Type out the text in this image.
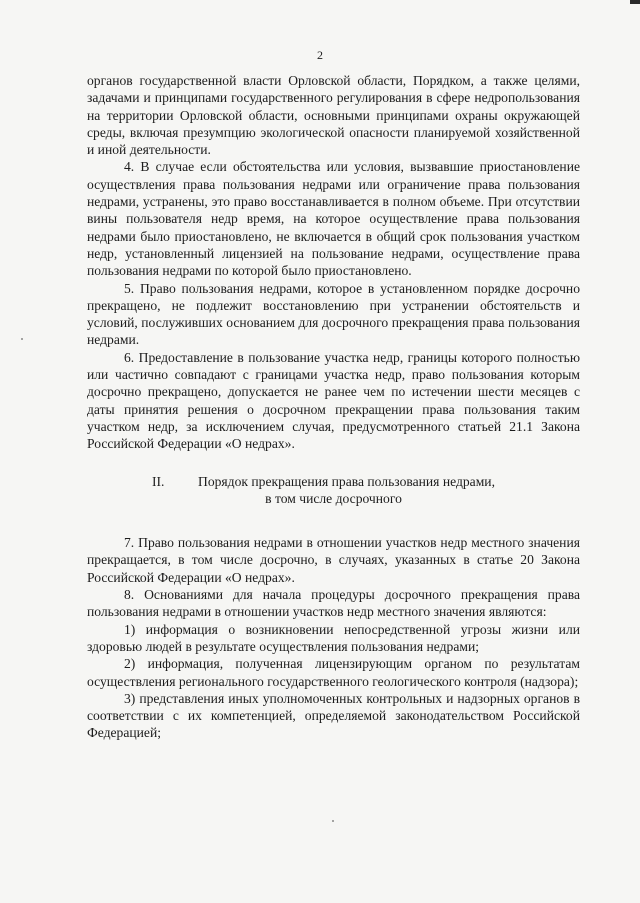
2

органов государственной власти Орловской области, Порядком, а также целями, задачами и принципами государственного регулирования в сфере недропользования на территории Орловской области, основными принципами охраны окружающей среды, включая презумпцию экологической опасности планируемой хозяйственной и иной деятельности.

4. В случае если обстоятельства или условия, вызвавшие приостановление осуществления права пользования недрами или ограничение права пользования недрами, устранены, это право восстанавливается в полном объеме. При отсутствии вины пользователя недр время, на которое осуществление права пользования недрами было приостановлено, не включается в общий срок пользования участком недр, установленный лицензией на пользование недрами, осуществление права пользования недрами по которой было приостановлено.

5. Право пользования недрами, которое в установленном порядке досрочно прекращено, не подлежит восстановлению при устранении обстоятельств и условий, послуживших основанием для досрочного прекращения права пользования недрами.

6. Предоставление в пользование участка недр, границы которого полностью или частично совпадают с границами участка недр, право пользования которым досрочно прекращено, допускается не ранее чем по истечении шести месяцев с даты принятия решения о досрочном прекращении права пользования таким участком недр, за исключением случая, предусмотренного статьей 21.1 Закона Российской Федерации «О недрах».

II. Порядок прекращения права пользования недрами,
в том числе досрочного

7. Право пользования недрами в отношении участков недр местного значения прекращается, в том числе досрочно, в случаях, указанных в статье 20 Закона Российской Федерации «О недрах».

8. Основаниями для начала процедуры досрочного прекращения права пользования недрами в отношении участков недр местного значения являются:

1) информация о возникновении непосредственной угрозы жизни или здоровью людей в результате осуществления пользования недрами;

2) информация, полученная лицензирующим органом по результатам осуществления регионального государственного геологического контроля (надзора);

3) представления иных уполномоченных контрольных и надзорных органов в соответствии с их компетенцией, определяемой законодательством Российской Федерацией;
